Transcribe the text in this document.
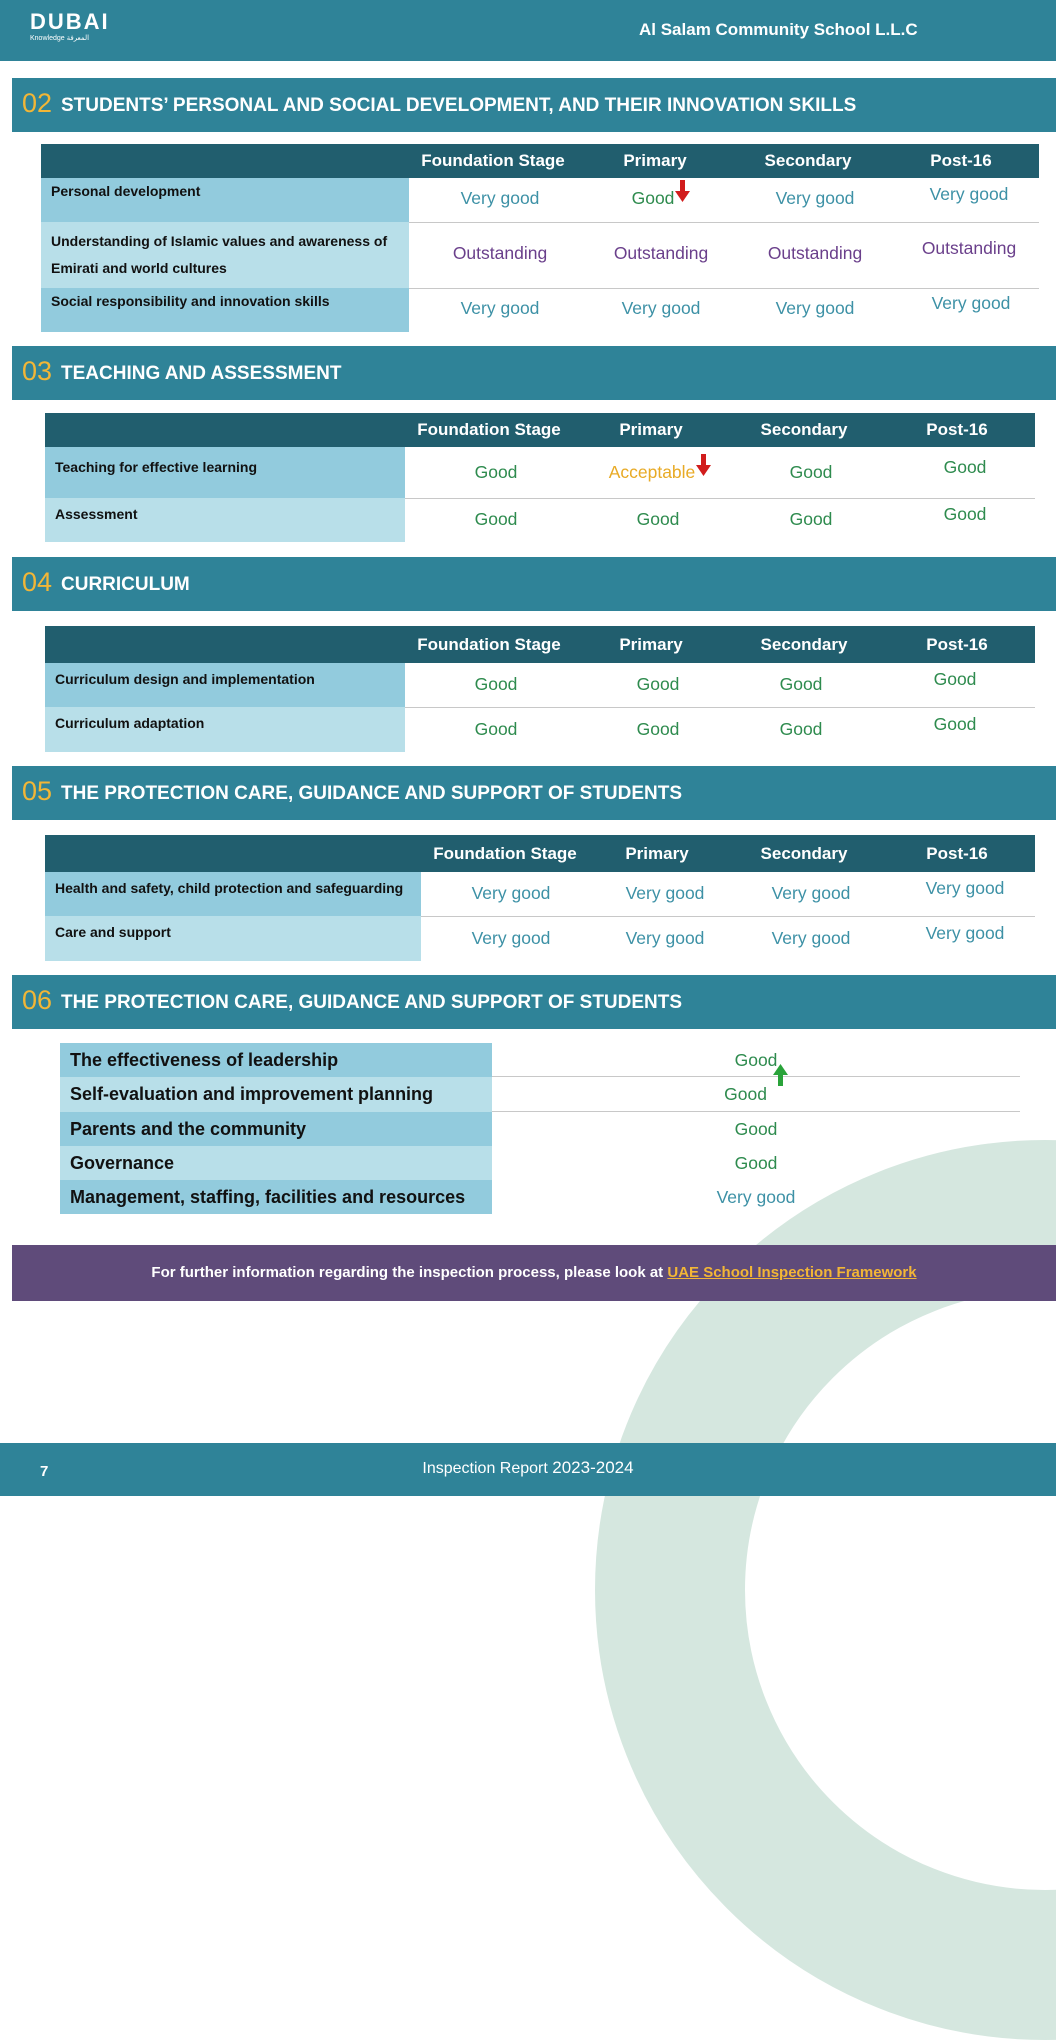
DUBAI
Knowledge المعرفة	Al Salam Community School L.L.C
02 STUDENTS’ PERSONAL AND SOCIAL DEVELOPMENT, AND THEIR INNOVATION SKILLS
Foundation Stage	Primary	Secondary	Post-16
Personal development	Very good	Good	Very good	Very good
Understanding of Islamic values and awareness of
Emirati and world cultures
Outstanding	Outstanding	Outstanding	Outstanding
Social responsibility and innovation skills	Very good	Very good	Very good	Very good
03 TEACHING AND ASSESSMENT
Foundation Stage	Primary	Secondary	Post-16
Teaching for effective learning	Good	Acceptable	Good	Good
Assessment	Good	Good	Good	Good
04 CURRICULUM
Foundation Stage	Primary	Secondary	Post-16
Curriculum design and implementation	Good	Good	Good	Good
Curriculum adaptation	Good	Good	Good	Good
05 THE PROTECTION CARE, GUIDANCE AND SUPPORT OF STUDENTS
Foundation Stage	Primary	Secondary	Post-16
Health and safety, child protection and safeguarding	Very good	Very good	Very good	Very good
Care and support	Very good	Very good	Very good	Very good
06 THE PROTECTION CARE, GUIDANCE AND SUPPORT OF STUDENTS
The effectiveness of leadership	Good
Self-evaluation and improvement planning	Good
Parents and the community	Good
Governance	Good
Management, staffing, facilities and resources	Very good
For further information regarding the inspection process, please look at UAE School Inspection Framework
7	Inspection Report 2023-2024
